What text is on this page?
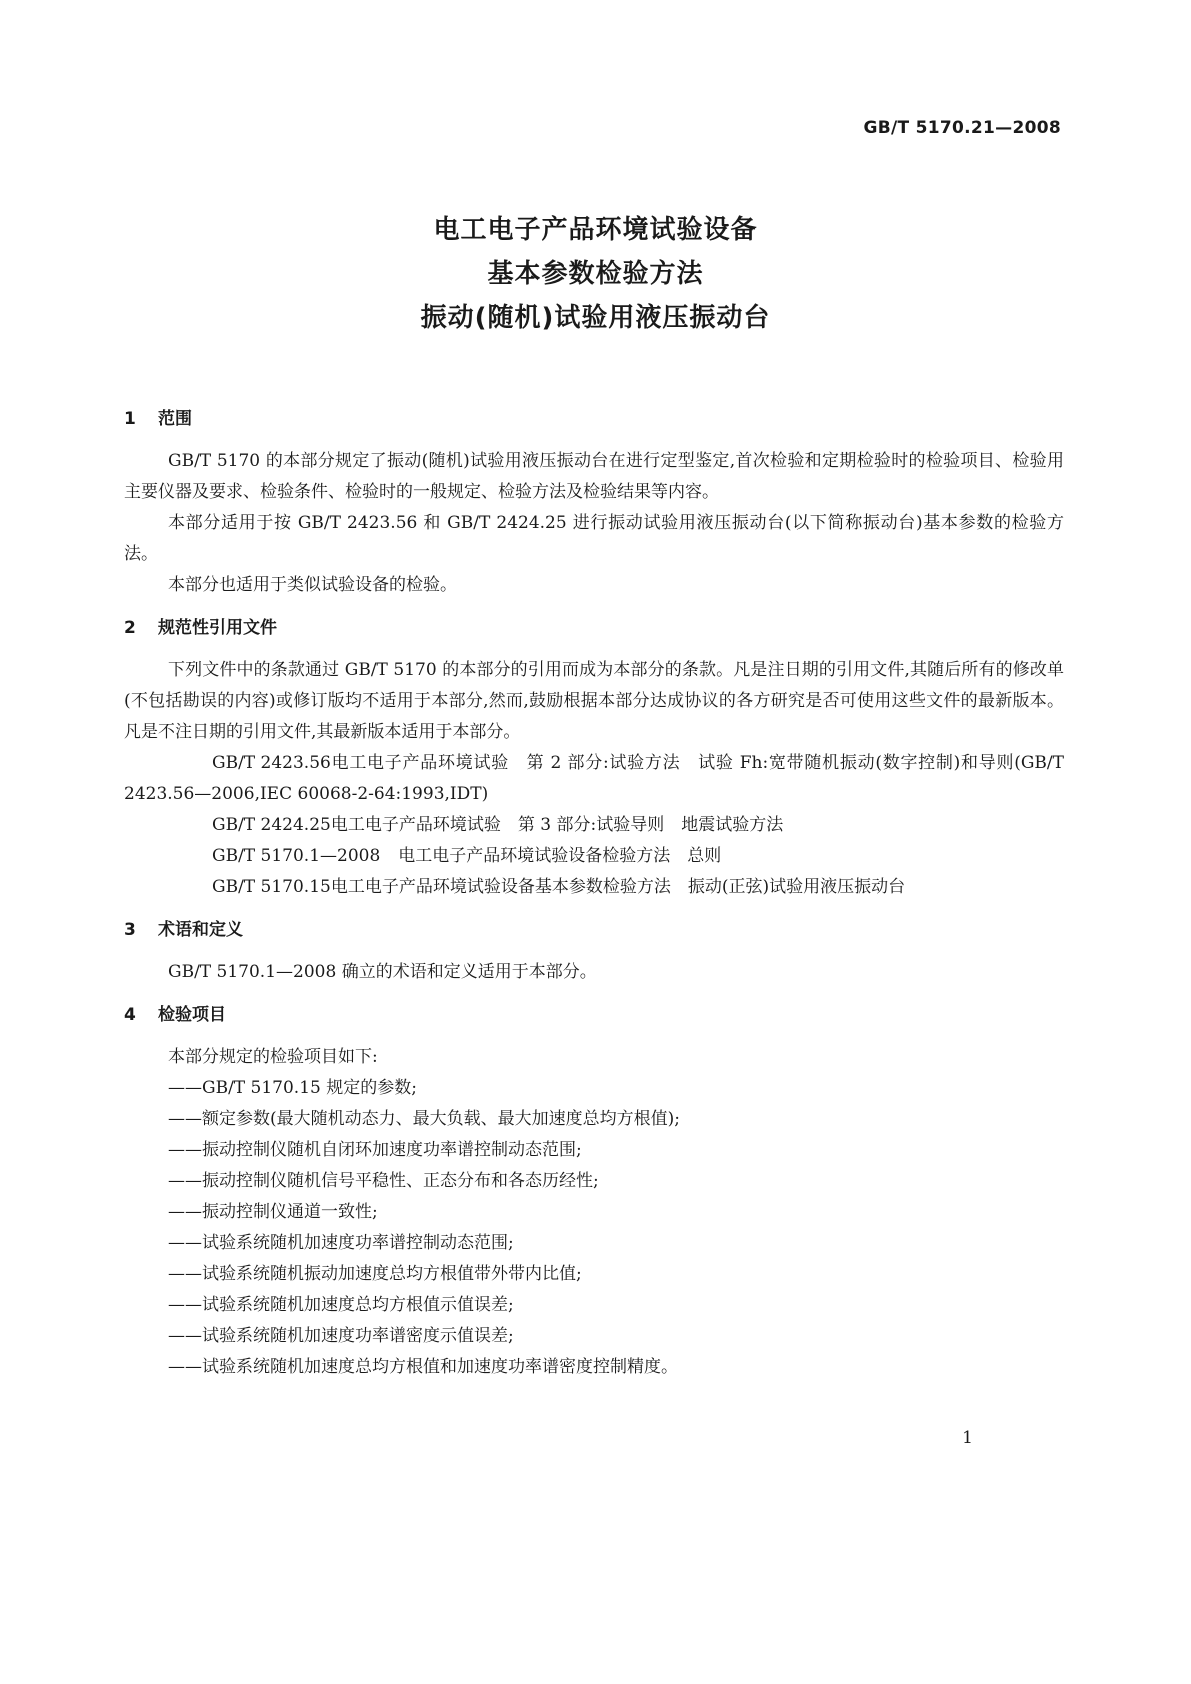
GB/T 5170.21—2008
电工电子产品环境试验设备
基本参数检验方法
振动(随机)试验用液压振动台
1 范围

GB/T 5170 的本部分规定了振动(随机)试验用液压振动台在进行定型鉴定,首次检验和定期检验时的检验项目、检验用主要仪器及要求、检验条件、检验时的一般规定、检验方法及检验结果等内容。

本部分适用于按 GB/T 2423.56 和 GB/T 2424.25 进行振动试验用液压振动台(以下简称振动台)基本参数的检验方法。

本部分也适用于类似试验设备的检验。

2 规范性引用文件

下列文件中的条款通过 GB/T 5170 的本部分的引用而成为本部分的条款。凡是注日期的引用文件,其随后所有的修改单(不包括勘误的内容)或修订版均不适用于本部分,然而,鼓励根据本部分达成协议的各方研究是否可使用这些文件的最新版本。凡是不注日期的引用文件,其最新版本适用于本部分。

GB/T 2423.56电工电子产品环境试验　第 2 部分:试验方法　试验 Fh:宽带随机振动(数字控制)和导则(GB/T 2423.56—2006,IEC 60068-2-64:1993,IDT)

GB/T 2424.25电工电子产品环境试验　第 3 部分:试验导则　地震试验方法

GB/T 5170.1—2008 电工电子产品环境试验设备检验方法　总则

GB/T 5170.15电工电子产品环境试验设备基本参数检验方法　振动(正弦)试验用液压振动台

3 术语和定义

GB/T 5170.1—2008 确立的术语和定义适用于本部分。

4 检验项目

本部分规定的检验项目如下:

——GB/T 5170.15 规定的参数;
——额定参数(最大随机动态力、最大负载、最大加速度总均方根值);
——振动控制仪随机自闭环加速度功率谱控制动态范围;
——振动控制仪随机信号平稳性、正态分布和各态历经性;
——振动控制仪通道一致性;
——试验系统随机加速度功率谱控制动态范围;
——试验系统随机振动加速度总均方根值带外带内比值;
——试验系统随机加速度总均方根值示值误差;
——试验系统随机加速度功率谱密度示值误差;
——试验系统随机加速度总均方根值和加速度功率谱密度控制精度。
1
